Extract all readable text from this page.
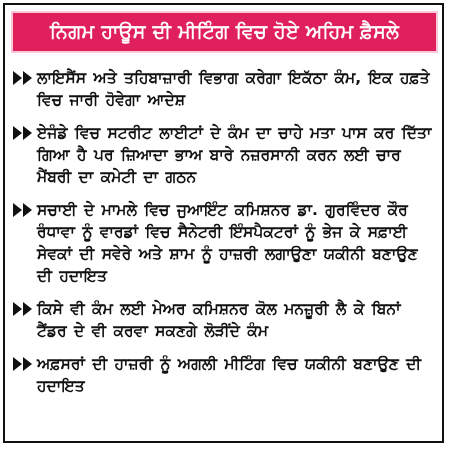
ਨਿਗਮ ਹਾਊਸ ਦੀ ਮੀਟਿੰਗ ਵਿਚ ਹੋਏ ਅਹਿਮ ਫ਼ੈਸਲੇ
ਲਾਇਸੈਂਸ ਅਤੇ ਤਹਿਬਾਜ਼ਾਰੀ ਵਿਭਾਗ ਕਰੇਗਾ ਇਕੱਠਾ ਕੰਮ, ਇਕ ਹਫ਼ਤੇ ਵਿਚ ਜਾਰੀ ਹੋਵੇਗਾ ਆਦੇਸ਼
ਏਜੰਡੇ ਵਿਚ ਸਟਰੀਟ ਲਾਈਟਾਂ ਦੇ ਕੰਮ ਦਾ ਚਾਹੇ ਮਤਾ ਪਾਸ ਕਰ ਦਿੱਤਾ ਗਿਆ ਹੈ ਪਰ ਜ਼ਿਆਦਾ ਭਾਅ ਬਾਰੇ ਨਜ਼ਰਸਾਨੀ ਕਰਨ ਲਈ ਚਾਰ ਮੈਂਬਰੀ ਦਾ ਕਮੇਟੀ ਦਾ ਗਠਨ
ਸਚਾਈ ਦੇ ਮਾਮਲੇ ਵਿਚ ਜੁਆਇੰਟ ਕਮਿਸ਼ਨਰ ਡਾ. ਗੁਰਵਿੰਦਰ ਕੌਰ ਰੰਧਾਵਾ ਨੂੰ ਵਾਰਡਾਂ ਵਿਚ ਸੈਨੇਟਰੀ ਇੰਸਪੈਕਟਰਾਂ ਨੂੰ ਭੇਜ ਕੇ ਸਫ਼ਾਈ ਸੇਵਕਾਂ ਦੀ ਸਵੇਰੇ ਅਤੇ ਸ਼ਾਮ ਨੂੰ ਹਾਜ਼ਰੀ ਲਗਾਉਣਾ ਯਕੀਨੀ ਬਣਾਉਣ ਦੀ ਹਦਾਇਤ
ਕਿਸੇ ਵੀ ਕੰਮ ਲਈ ਮੇਅਰ ਕਮਿਸ਼ਨਰ ਕੋਲ ਮਨਜ਼ੂਰੀ ਲੈ ਕੇ ਬਿਨਾਂ ਟੈਂਡਰ ਦੇ ਵੀ ਕਰਵਾ ਸਕਣਗੇ ਲੋੜੀਂਦੇ ਕੰਮ
ਅਫ਼ਸਰਾਂ ਦੀ ਹਾਜ਼ਰੀ ਨੂੰ ਅਗਲੀ ਮੀਟਿੰਗ ਵਿਚ ਯਕੀਨੀ ਬਣਾਉਣ ਦੀ ਹਦਾਇਤ
